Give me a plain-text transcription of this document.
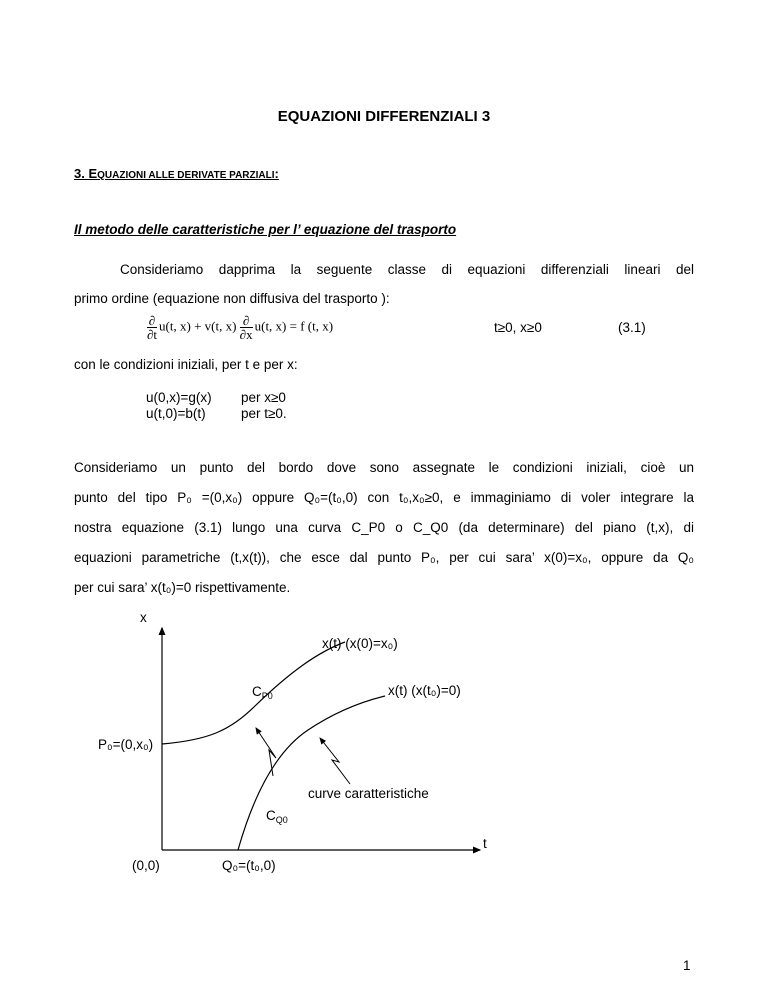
EQUAZIONI DIFFERENZIALI 3
3. EQUAZIONI ALLE DERIVATE PARZIALI:
Il metodo delle caratteristiche per l’ equazione del trasporto
Consideriamo dapprima la seguente classe di equazioni differenziali lineari del
primo ordine (equazione non diffusiva del trasporto ):
$\frac{\partial}{\partial t} u(t$, x) + v(t, $x) \frac{\partial}{\partial x} u(t$, x) = f (t, x)	t≥0, x≥0	(3.1)
con le condizioni iniziali, per t e per x:
u(0,x)=g(x) per x≥0
u(t,0)=b(t)	per t≥0.
Consideriamo un punto del bordo dove sono assegnate le condizioni iniziali, cioè un
punto del tipo P₀ =(0,x₀) oppure Q₀=(t₀,0) con t₀,x₀≥0, e immaginiamo di voler integrare la
nostra equazione (3.1) lungo una curva C_P0 o C_Q0 (da determinare) del piano (t,x), di
equazioni parametriche (t,x(t)), che esce dal punto P₀, per cui sara’ x(0)=x₀, oppure da Q₀
per cui sara’ x(t₀)=0 rispettivamente.
x
t
(0,0)
P₀=(0,x₀)
Q₀=(t₀,0)
$C_{P0}$
$C_{Q0}$
x(t) (x(0)=x₀)
x(t) (x(t₀)=0)
curve caratteristiche
1
